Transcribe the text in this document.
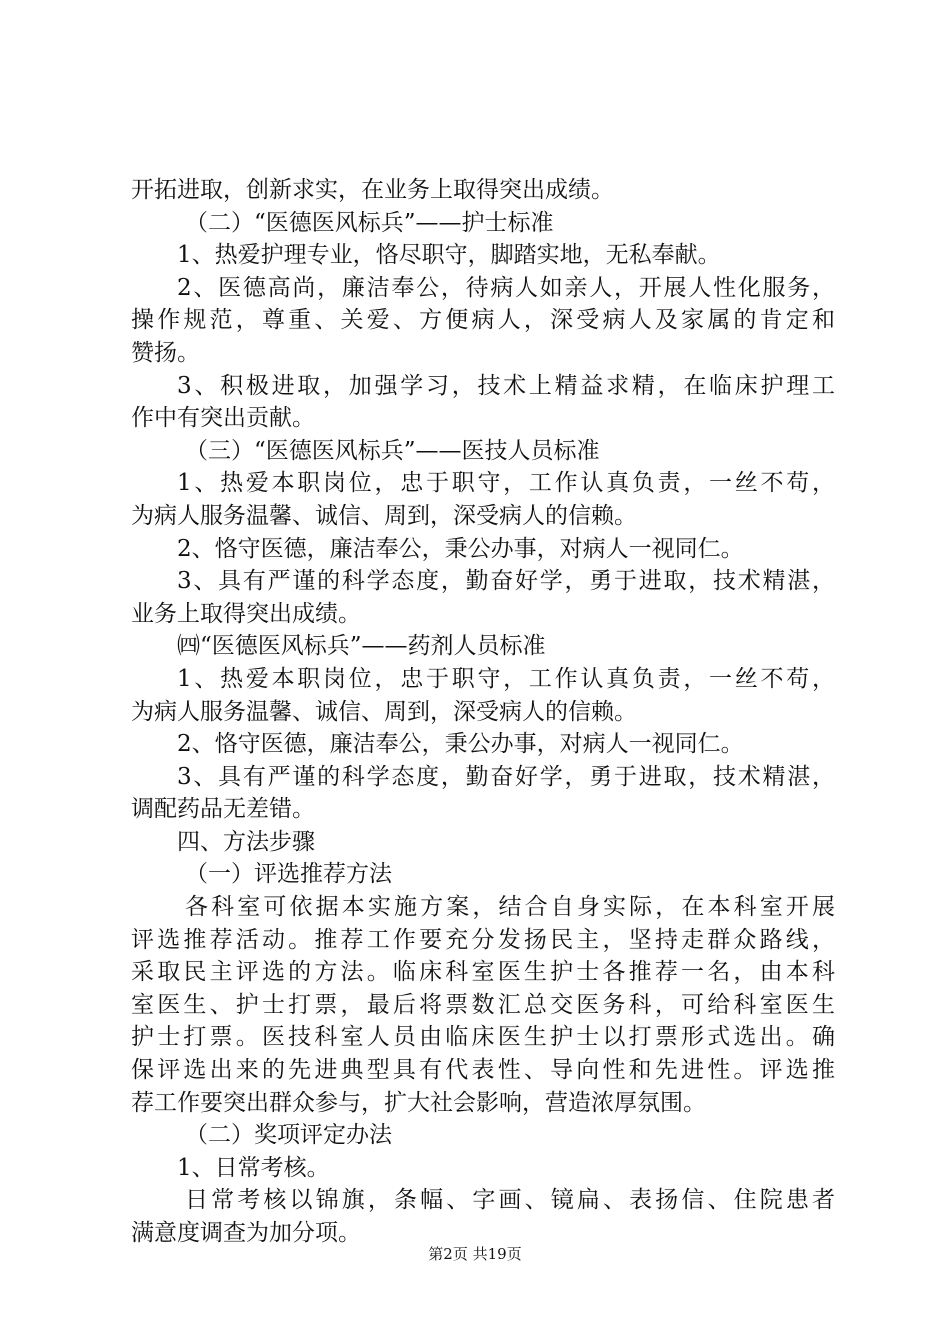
开拓进取，创新求实，在业务上取得突出成绩。
（二）“医德医风标兵”——护士标准
1、热爱护理专业，恪尽职守，脚踏实地，无私奉献。
2、医德高尚，廉洁奉公，待病人如亲人，开展人性化服务，
操作规范，尊重、关爱、方便病人，深受病人及家属的肯定和
赞扬。
3、积极进取，加强学习，技术上精益求精，在临床护理工
作中有突出贡献。
（三）“医德医风标兵”——医技人员标准
1、热爱本职岗位，忠于职守，工作认真负责，一丝不苟，
为病人服务温馨、诚信、周到，深受病人的信赖。
2、恪守医德，廉洁奉公，秉公办事，对病人一视同仁。
3、具有严谨的科学态度，勤奋好学，勇于进取，技术精湛，
业务上取得突出成绩。
㈣“医德医风标兵”——药剂人员标准
1、热爱本职岗位，忠于职守，工作认真负责，一丝不苟，
为病人服务温馨、诚信、周到，深受病人的信赖。
2、恪守医德，廉洁奉公，秉公办事，对病人一视同仁。
3、具有严谨的科学态度，勤奋好学，勇于进取，技术精湛，
调配药品无差错。
四、方法步骤
（一）评选推荐方法
各科室可依据本实施方案，结合自身实际，在本科室开展
评选推荐活动。推荐工作要充分发扬民主，坚持走群众路线，
采取民主评选的方法。临床科室医生护士各推荐一名，由本科
室医生、护士打票，最后将票数汇总交医务科，可给科室医生
护士打票。医技科室人员由临床医生护士以打票形式选出。确
保评选出来的先进典型具有代表性、导向性和先进性。评选推
荐工作要突出群众参与，扩大社会影响，营造浓厚氛围。
（二）奖项评定办法
1、日常考核。
日常考核以锦旗，条幅、字画、镜扁、表扬信、住院患者
满意度调查为加分项。
第2页 共19页
